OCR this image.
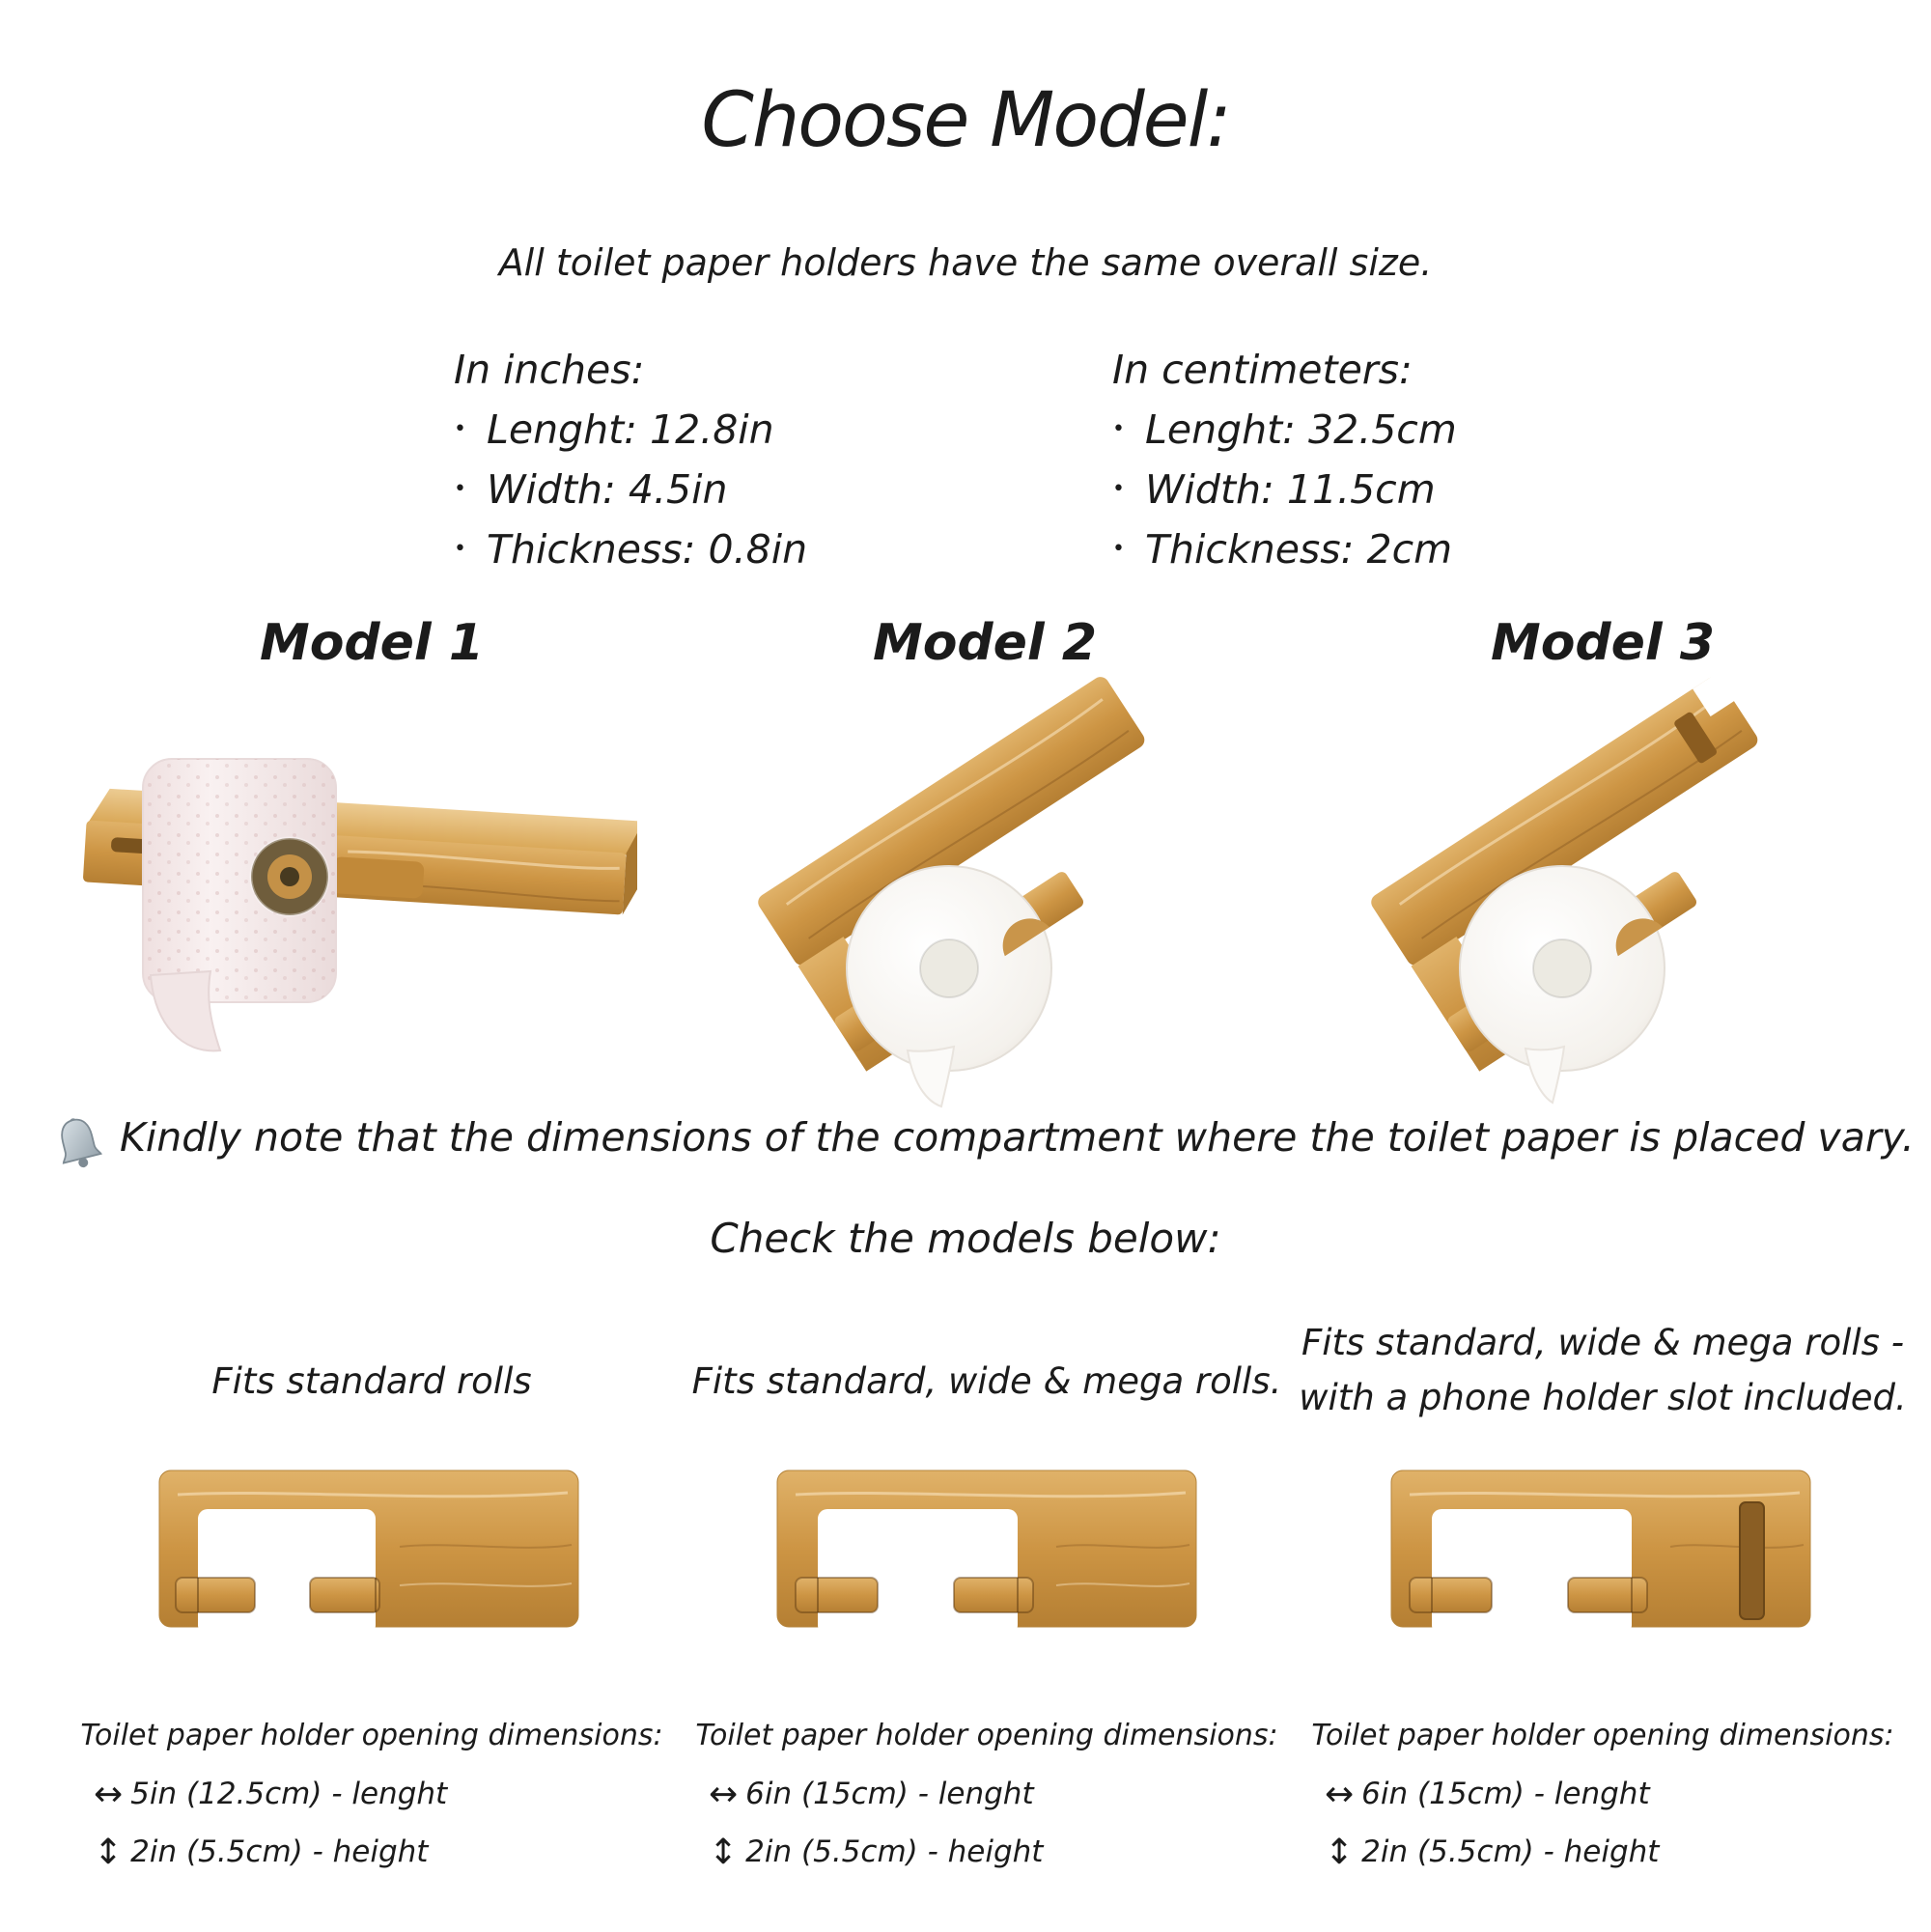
Choose Model:
All toilet paper holders have the same overall size.
In inches:
• Lenght: 12.8in
• Width: 4.5in
• Thickness: 0.8in
In centimeters:
• Lenght: 32.5cm
• Width: 11.5cm
• Thickness: 2cm
Model 1	Model 2	Model 3
Kindly note that the dimensions of the compartment where the toilet paper is placed vary.
Check the models below:
Fits standard rolls	Fits standard, wide & mega rolls.
Fits standard, wide & mega rolls -
with a phone holder slot included.
Toilet paper holder opening dimensions:
↔ 5in (12.5cm) - lenght
↕ 2in (5.5cm) - height
Toilet paper holder opening dimensions:
↔ 6in (15cm) - lenght
↕ 2in (5.5cm) - height
Toilet paper holder opening dimensions:
↔ 6in (15cm) - lenght
↕ 2in (5.5cm) - height
